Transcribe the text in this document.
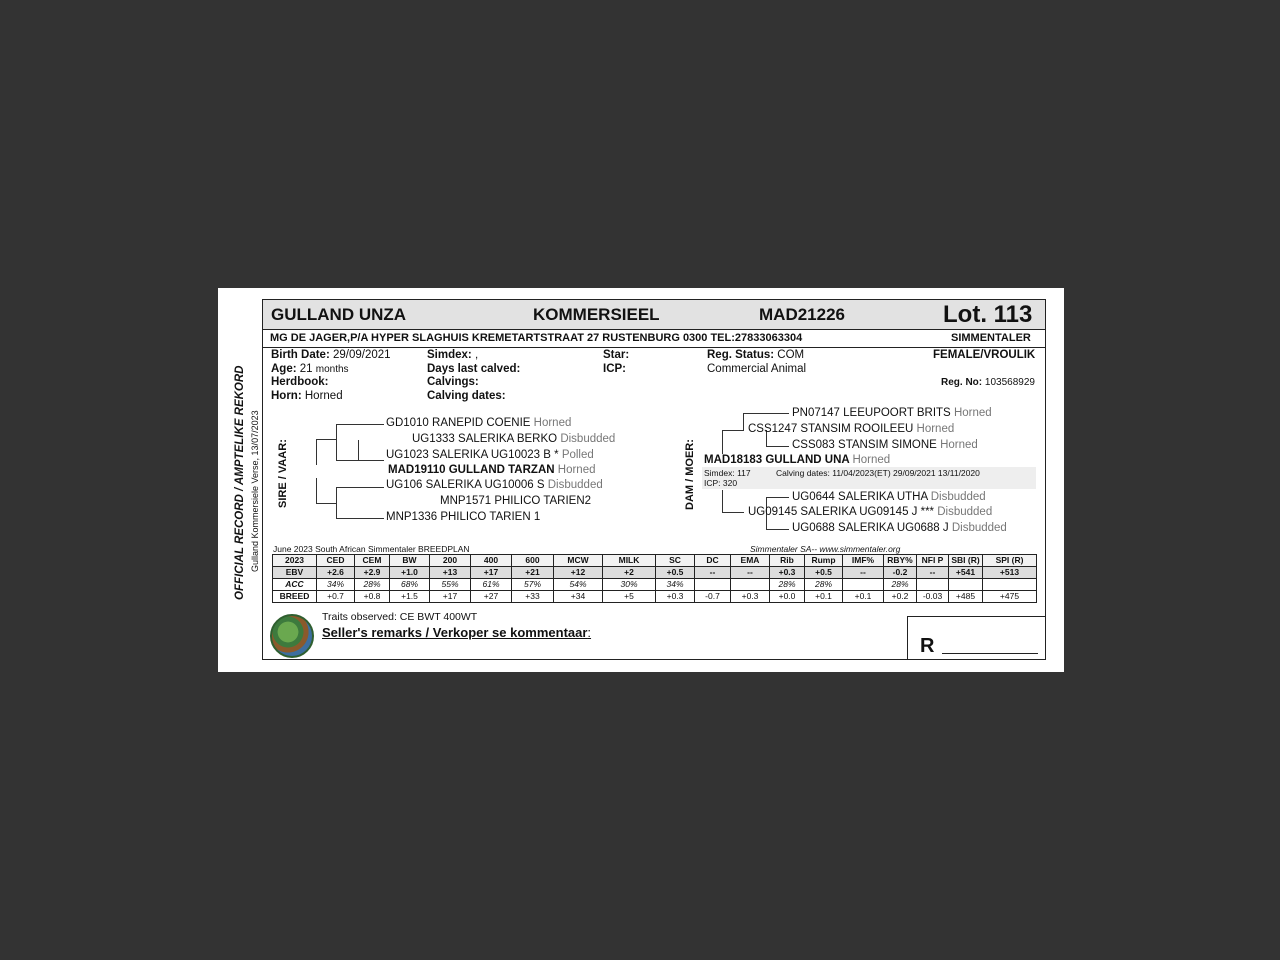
OFFICIAL RECORD / AMPTELIKE REKORD Gulland Kommersiele Verse, 13/07/2023
GULLAND UNZA	KOMMERSIEEL	MAD21226	Lot. 113
MG DE JAGER,P/A HYPER SLAGHUIS KREMETARTSTRAAT 27 RUSTENBURG 0300 TEL:27833063304	SIMMENTALER
Birth Date: 29/09/2021
Age: 21 months
Herdbook:
Horn: Horned
Simdex: ,
Days last calved:
Calvings:
Calving dates:
Star:
ICP:
Reg. Status: COM
Commercial Animal
FEMALE/VROULIK
Reg. No: 103568929
SIRE / VAAR:
GD1010 RANEPID COENIE Horned
UG1333 SALERIKA BERKO Disbudded
UG1023 SALERIKA UG10023 B * Polled
MAD19110 GULLAND TARZAN Horned
UG106 SALERIKA UG10006 S Disbudded
MNP1571 PHILICO TARIEN2
MNP1336 PHILICO TARIEN 1
DAM / MOER:
PN07147 LEEUPOORT BRITS Horned
CSS1247 STANSIM ROOILEEU Horned
CSS083 STANSIM SIMONE Horned
MAD18183 GULLAND UNA Horned
Simdex: 117	Calving dates: 11/04/2023(ET) 29/09/2021 13/11/2020
ICP: 320
UG0644 SALERIKA UTHA Disbudded
UG09145 SALERIKA UG09145 J *** Disbudded
UG0688 SALERIKA UG0688 J Disbudded
June 2023 South African Simmentaler BREEDPLAN	Simmentaler SA-- www.simmentaler.org
2023	CED	CEM	BW	200	400	600	MCW	MILK	SC	DC	EMA	Rib	Rump	IMF%	RBY%	NFI P	SBI (R)	SPI (R)
EBV	+2.6	+2.9	+1.0	+13	+17	+21	+12	+2	+0.5	--	--	+0.3	+0.5	--	-0.2	--	+541	+513
ACC	34%	28%	68%	55%	61%	57%	54%	30%	34%			28%	28%		28%			
BREED	+0.7	+0.8	+1.5	+17	+27	+33	+34	+5	+0.3	-0.7	+0.3	+0.0	+0.1	+0.1	+0.2	-0.03	+485	+475
Traits observed: CE BWT 400WT
Seller's remarks / Verkoper se kommentaar:
R
